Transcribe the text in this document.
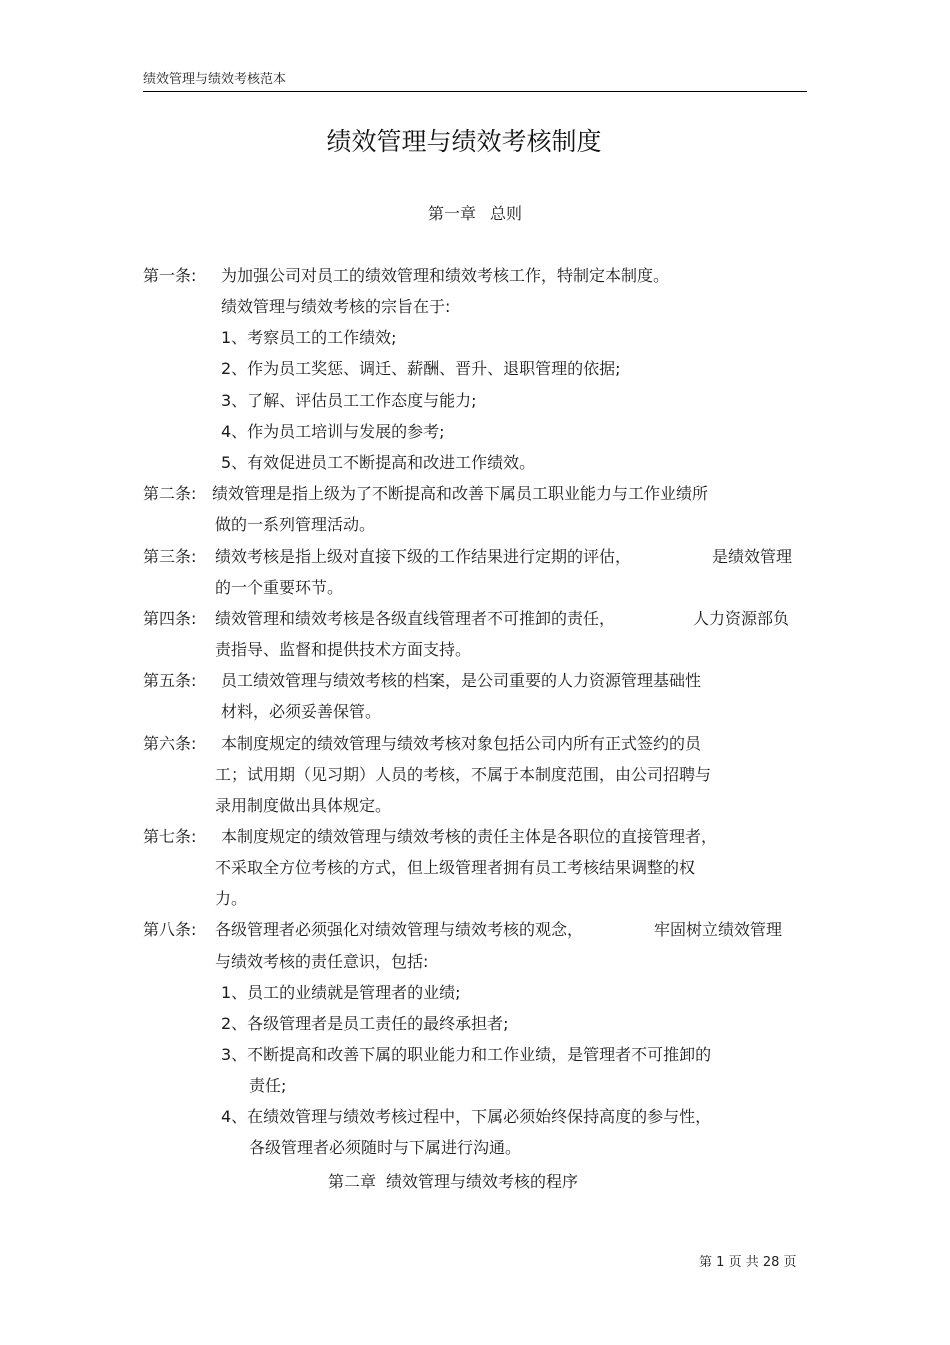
绩效管理与绩效考核范本
绩效管理与绩效考核制度
第一章 总则
第一条: 为加强公司对员工的绩效管理和绩效考核工作，特制定本制度。
绩效管理与绩效考核的宗旨在于:
1、考察员工的工作绩效;
2、作为员工奖惩、调迁、薪酬、晋升、退职管理的依据;
3、了解、评估员工工作态度与能力;
4、作为员工培训与发展的参考;
5、有效促进员工不断提高和改进工作绩效。
第二条: 绩效管理是指上级为了不断提高和改善下属员工职业能力与工作业绩所
做的一系列管理活动。
第三条: 绩效考核是指上级对直接下级的工作结果进行定期的评估，	是绩效管理
的一个重要环节。
第四条: 绩效管理和绩效考核是各级直线管理者不可推卸的责任，	人力资源部负
责指导、监督和提供技术方面支持。
第五条: 员工绩效管理与绩效考核的档案，是公司重要的人力资源管理基础性
材料，必须妥善保管。
第六条: 本制度规定的绩效管理与绩效考核对象包括公司内所有正式签约的员
工；试用期（见习期）人员的考核，不属于本制度范围，由公司招聘与
录用制度做出具体规定。
第七条: 本制度规定的绩效管理与绩效考核的责任主体是各职位的直接管理者，
不采取全方位考核的方式，但上级管理者拥有员工考核结果调整的权
力。
第八条: 各级管理者必须强化对绩效管理与绩效考核的观念，	牢固树立绩效管理
与绩效考核的责任意识，包括:
1、员工的业绩就是管理者的业绩;
2、各级管理者是员工责任的最终承担者;
3、不断提高和改善下属的职业能力和工作业绩，是管理者不可推卸的
责任;
4、在绩效管理与绩效考核过程中，下属必须始终保持高度的参与性，
各级管理者必须随时与下属进行沟通。
第二章 绩效管理与绩效考核的程序
第 1 页 共 28 页
